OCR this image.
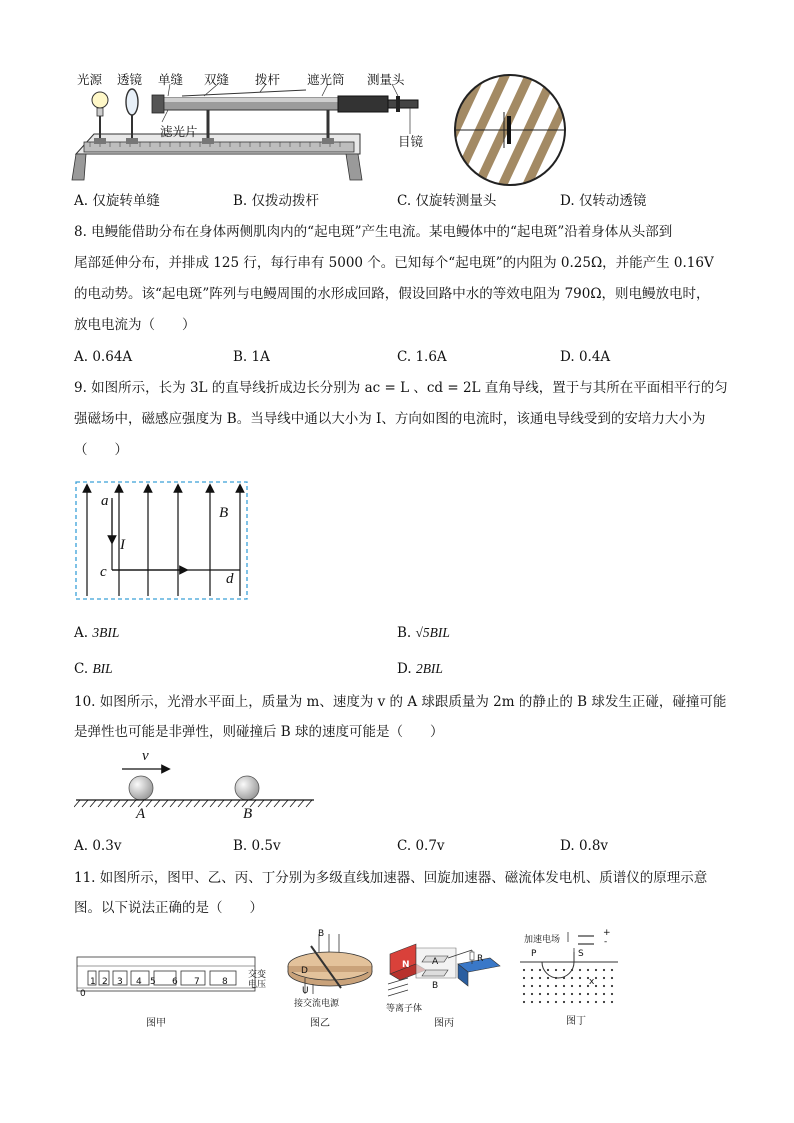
光源 透镜 单缝 双缝 拨杆 遮光筒 测量头
滤光片
目镜
A. 仅旋转单缝	B. 仅拨动拨杆	C. 仅旋转测量头	D. 仅转动透镜
8. 电鳗能借助分布在身体两侧肌肉内的“起电斑”产生电流。某电鳗体中的“起电斑”沿着身体从头部到
尾部延伸分布，并排成 125 行，每行串有 5000 个。已知每个“起电斑”的内阻为 0.25Ω，并能产生 0.16V
的电动势。该“起电斑”阵列与电鳗周围的水形成回路，假设回路中水的等效电阻为 790Ω，则电鳗放电时，
放电电流为（　　）
A. 0.64A	B. 1A	C. 1.6A	D. 0.4A
9. 如图所示，长为 3L 的直导线折成边长分别为 ac = L 、cd = 2L 直角导线，置于与其所在平面相平行的匀
强磁场中，磁感应强度为 B。当导线中通以大小为 I、方向如图的电流时，该通电导线受到的安培力大小为
（　　）
a
I
c
B
d
A. 3BIL	B. √5BIL
C. BIL	D. 2BIL
10. 如图所示，光滑水平面上，质量为 m、速度为 v 的 A 球跟质量为 2m 的静止的 B 球发生正碰，碰撞可能
是弹性也可能是非弹性，则碰撞后 B 球的速度可能是（　　）
v
A	B
A. 0.3v	B. 0.5v	C. 0.7v	D. 0.8v
11. 如图所示，图甲、乙、丙、丁分别为多级直线加速器、回旋加速器、磁流体发电机、质谱仪的原理示意
图。以下说法正确的是（　　）
0
1 2 3 4 5 6 7 8
交变电压
图甲
B
D
U
接交流电源
图乙
N A
B
R
S
等离子体
图丙
加速电场
+
-
P	S
x
图丁
